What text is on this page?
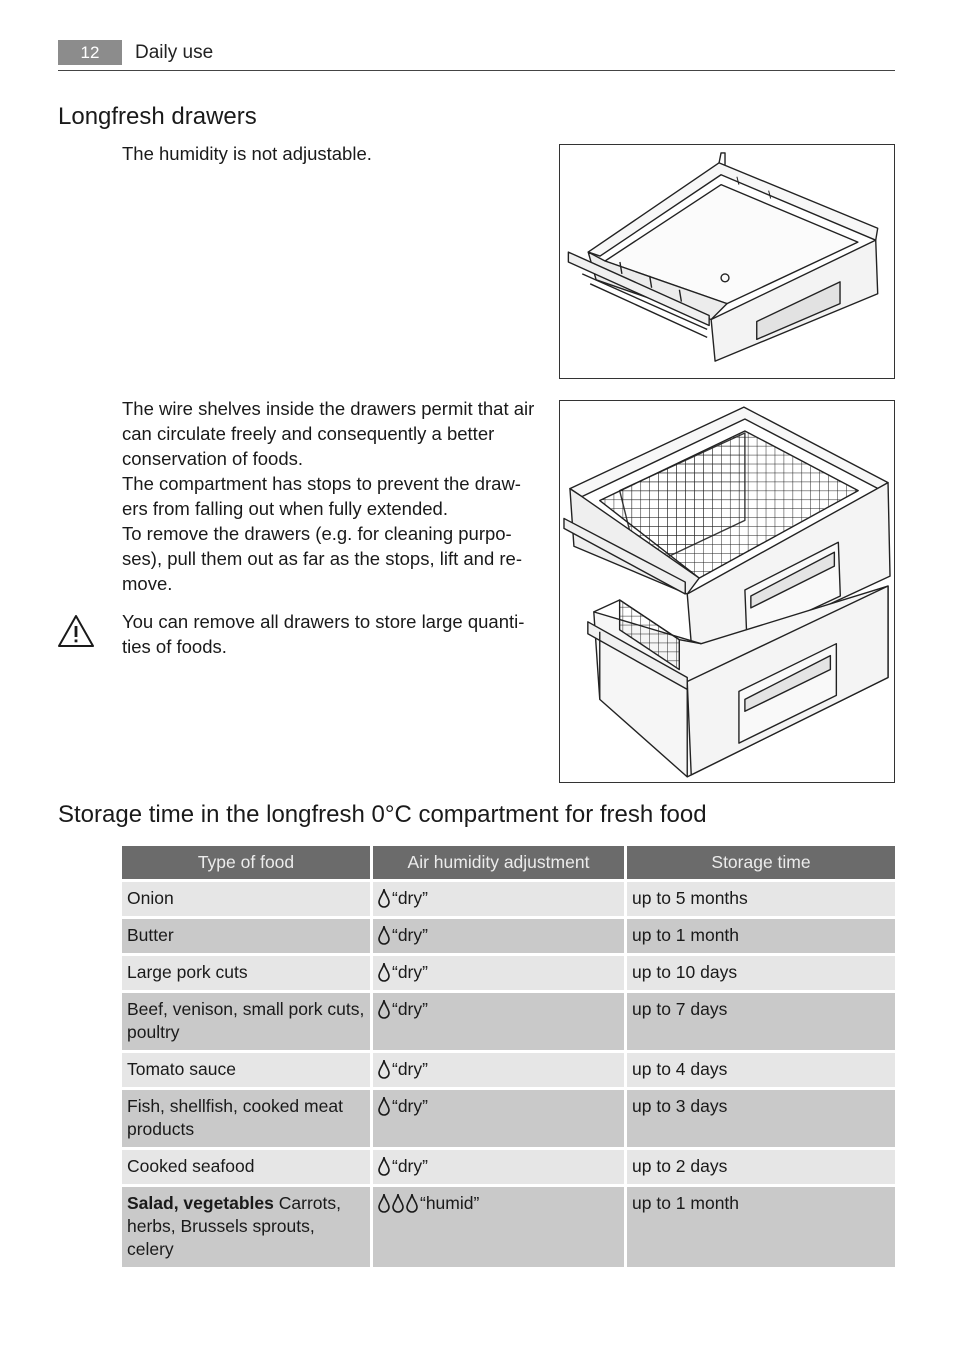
12	Daily use
Longfresh drawers
The humidity is not adjustable.
The wire shelves inside the drawers permit that air
can circulate freely and consequently a better
conservation of foods.
The compartment has stops to prevent the draw-
ers from falling out when fully extended.
To remove the drawers (e.g. for cleaning purpo-
ses), pull them out as far as the stops, lift and re-
move.
You can remove all drawers to store large quanti-
ties of foods.
Storage time in the longfresh 0°C compartment for fresh food
Type of food	Air humidity adjustment	Storage time
Onion	“dry”	up to 5 months
Butter	“dry”	up to 1 month
Large pork cuts	“dry”	up to 10 days
Beef, venison, small pork cuts, poultry	“dry”	up to 7 days
Tomato sauce	“dry”	up to 4 days
Fish, shellfish, cooked meat products	“dry”	up to 3 days
Cooked seafood	“dry”	up to 2 days
Salad, vegetables Carrots, herbs, Brussels sprouts, celery	“humid”	up to 1 month
